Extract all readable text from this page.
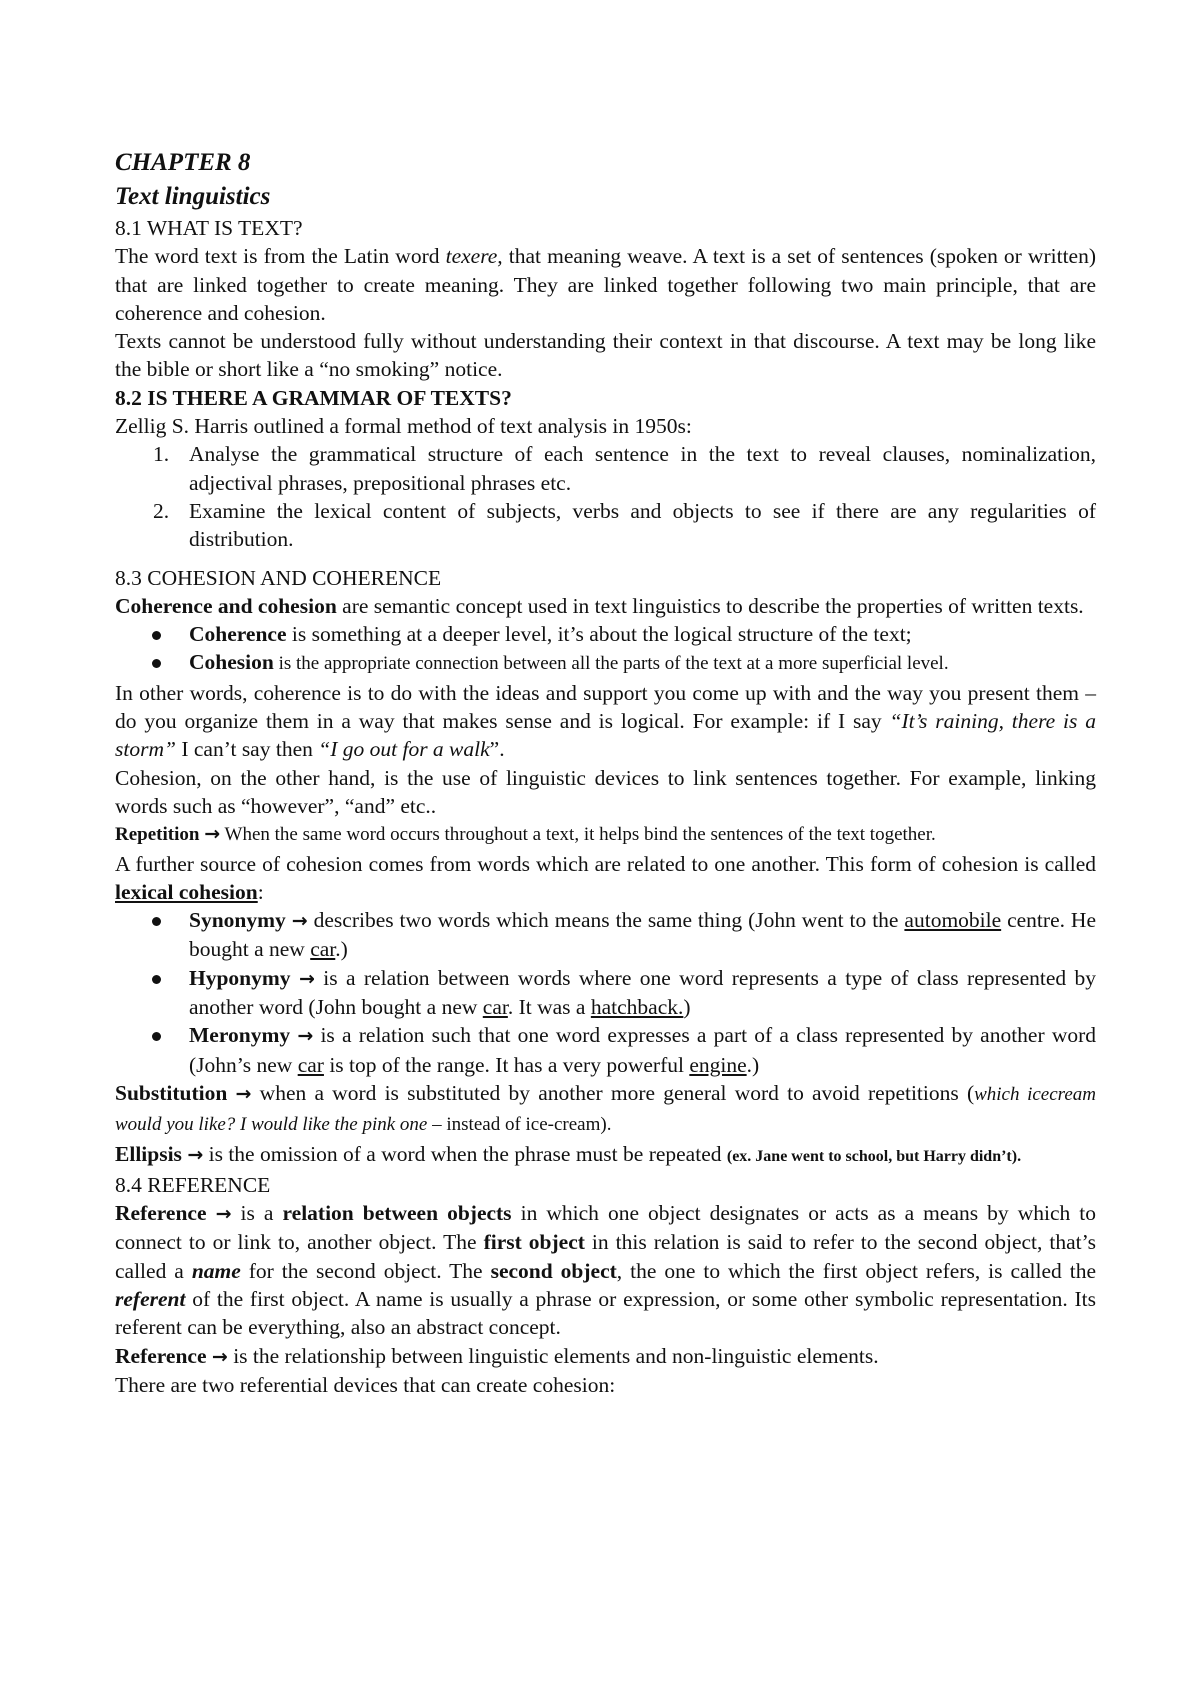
CHAPTER 8
Text linguistics

8.1 WHAT IS TEXT?

The word text is from the Latin word texere, that meaning weave. A text is a set of sentences (spoken or written) that are linked together to create meaning. They are linked together following two main principle, that are coherence and cohesion.

Texts cannot be understood fully without understanding their context in that discourse. A text may be long like the bible or short like a “no smoking” notice.

8.2 IS THERE A GRAMMAR OF TEXTS?

Zellig S. Harris outlined a formal method of text analysis in 1950s:

1. Analyse the grammatical structure of each sentence in the text to reveal clauses, nominalization, adjectival phrases, prepositional phrases etc.
2. Examine the lexical content of subjects, verbs and objects to see if there are any regularities of distribution.

8.3 COHESION AND COHERENCE

Coherence and cohesion are semantic concept used in text linguistics to describe the properties of written texts.

Coherence is something at a deeper level, it’s about the logical structure of the text;
Cohesion is the appropriate connection between all the parts of the text at a more superficial level.

In other words, coherence is to do with the ideas and support you come up with and the way you present them – do you organize them in a way that makes sense and is logical. For example: if I say “It’s raining, there is a storm” I can’t say then “I go out for a walk”.

Cohesion, on the other hand, is the use of linguistic devices to link sentences together. For example, linking words such as “however”, “and” etc..

Repetition → When the same word occurs throughout a text, it helps bind the sentences of the text together.

A further source of cohesion comes from words which are related to one another. This form of cohesion is called lexical cohesion:

Synonymy → describes two words which means the same thing (John went to the automobile centre. He bought a new car.)
Hyponymy → is a relation between words where one word represents a type of class represented by another word (John bought a new car. It was a hatchback.)
Meronymy → is a relation such that one word expresses a part of a class represented by another word (John’s new car is top of the range. It has a very powerful engine.)

Substitution → when a word is substituted by another more general word to avoid repetitions (which icecream would you like? I would like the pink one – instead of ice-cream).

Ellipsis → is the omission of a word when the phrase must be repeated (ex. Jane went to school, but Harry didn’t).

8.4 REFERENCE

Reference → is a relation between objects in which one object designates or acts as a means by which to connect to or link to, another object. The first object in this relation is said to refer to the second object, that’s called a name for the second object. The second object, the one to which the first object refers, is called the referent of the first object. A name is usually a phrase or expression, or some other symbolic representation. Its referent can be everything, also an abstract concept.

Reference → is the relationship between linguistic elements and non-linguistic elements.

There are two referential devices that can create cohesion:
